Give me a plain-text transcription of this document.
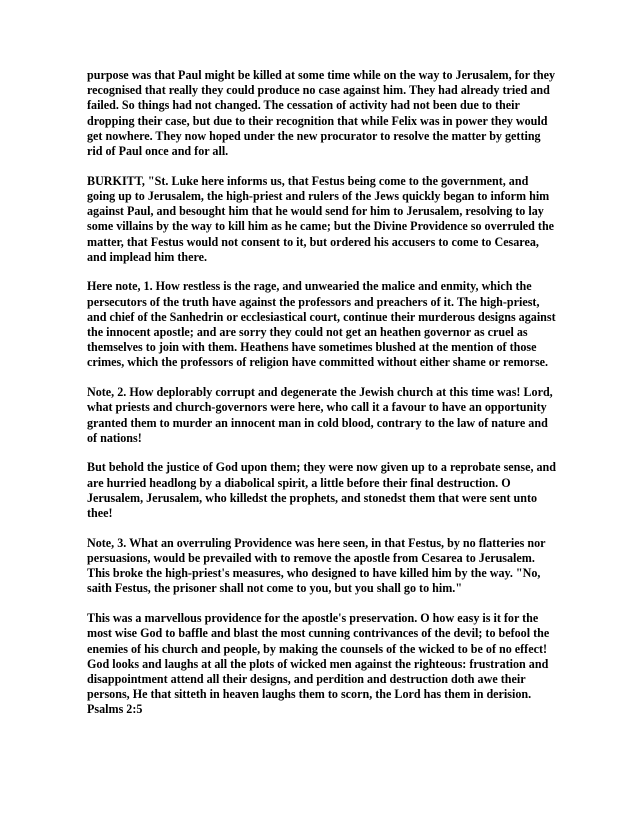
purpose was that Paul might be killed at some time while on the way to Jerusalem, for they recognised that really they could produce no case against him. They had already tried and failed. So things had not changed. The cessation of activity had not been due to their dropping their case, but due to their recognition that while Felix was in power they would get nowhere. They now hoped under the new procurator to resolve the matter by getting rid of Paul once and for all.

BURKITT, "St. Luke here informs us, that Festus being come to the government, and going up to Jerusalem, the high-priest and rulers of the Jews quickly began to inform him against Paul, and besought him that he would send for him to Jerusalem, resolving to lay some villains by the way to kill him as he came; but the Divine Providence so overruled the matter, that Festus would not consent to it, but ordered his accusers to come to Cesarea, and implead him there.

Here note, 1. How restless is the rage, and unwearied the malice and enmity, which the persecutors of the truth have against the professors and preachers of it. The high-priest, and chief of the Sanhedrin or ecclesiastical court, continue their murderous designs against the innocent apostle; and are sorry they could not get an heathen governor as cruel as themselves to join with them. Heathens have sometimes blushed at the mention of those crimes, which the professors of religion have committed without either shame or remorse.

Note, 2. How deplorably corrupt and degenerate the Jewish church at this time was! Lord, what priests and church-governors were here, who call it a favour to have an opportunity granted them to murder an innocent man in cold blood, contrary to the law of nature and of nations!

But behold the justice of God upon them; they were now given up to a reprobate sense, and are hurried headlong by a diabolical spirit, a little before their final destruction. O Jerusalem, Jerusalem, who killedst the prophets, and stonedst them that were sent unto thee!

Note, 3. What an overruling Providence was here seen, in that Festus, by no flatteries nor persuasions, would be prevailed with to remove the apostle from Cesarea to Jerusalem. This broke the high-priest's measures, who designed to have killed him by the way. "No, saith Festus, the prisoner shall not come to you, but you shall go to him."

This was a marvellous providence for the apostle's preservation. O how easy is it for the most wise God to baffle and blast the most cunning contrivances of the devil; to befool the enemies of his church and people, by making the counsels of the wicked to be of no effect! God looks and laughs at all the plots of wicked men against the righteous: frustration and disappointment attend all their designs, and perdition and destruction doth awe their persons, He that sitteth in heaven laughs them to scorn, the Lord has them in derision. Psalms 2:5
